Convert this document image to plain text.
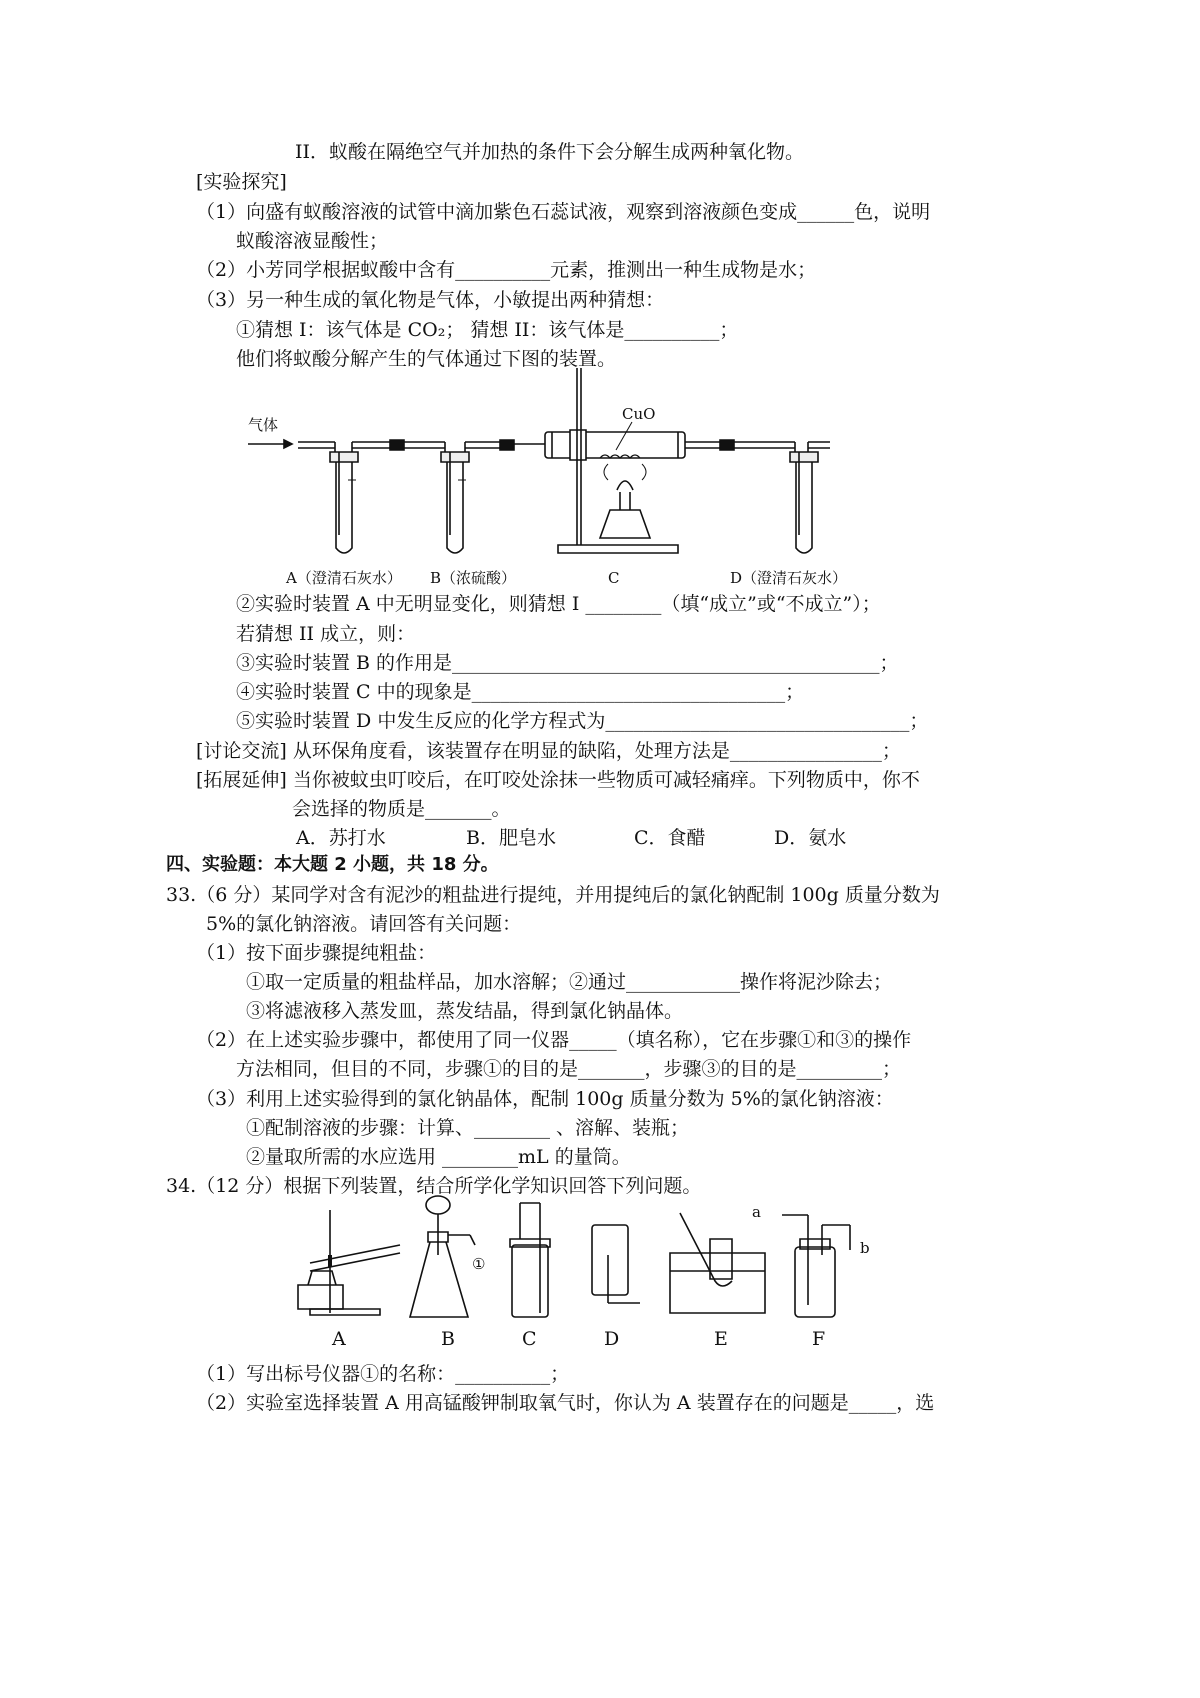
II．蚁酸在隔绝空气并加热的条件下会分解生成两种氧化物。
[实验探究]
（1）向盛有蚁酸溶液的试管中滴加紫色石蕊试液，观察到溶液颜色变成______色，说明
蚁酸溶液显酸性；
（2）小芳同学根据蚁酸中含有__________元素，推测出一种生成物是水；
（3）另一种生成的氧化物是气体，小敏提出两种猜想：
①猜想 I：该气体是 CO₂； 猜想 II：该气体是__________；
他们将蚁酸分解产生的气体通过下图的装置。
气体
CuO
A（澄清石灰水） B（浓硫酸）	C	D（澄清石灰水）
②实验时装置 A 中无明显变化，则猜想 I ________（填“成立”或“不成立”）；
若猜想 II 成立，则：
③实验时装置 B 的作用是_____________________________________________；
④实验时装置 C 中的现象是_________________________________；
⑤实验时装置 D 中发生反应的化学方程式为________________________________；
[讨论交流] 从环保角度看，该装置存在明显的缺陷，处理方法是________________；
[拓展延伸] 当你被蚊虫叮咬后，在叮咬处涂抹一些物质可减轻痛痒。下列物质中，你不
会选择的物质是_______。
A．苏打水	B．肥皂水	C．食醋	D．氨水
四、实验题：本大题 2 小题，共 18 分。
33.（6 分）某同学对含有泥沙的粗盐进行提纯，并用提纯后的氯化钠配制 100g 质量分数为
5%的氯化钠溶液。请回答有关问题：
（1）按下面步骤提纯粗盐：
①取一定质量的粗盐样品，加水溶解；②通过____________操作将泥沙除去；
③将滤液移入蒸发皿，蒸发结晶，得到氯化钠晶体。
（2）在上述实验步骤中，都使用了同一仪器_____（填名称），它在步骤①和③的操作
方法相同，但目的不同，步骤①的目的是_______，步骤③的目的是_________；
（3）利用上述实验得到的氯化钠晶体，配制 100g 质量分数为 5%的氯化钠溶液：
①配制溶液的步骤：计算、________ 、溶解、装瓶；
②量取所需的水应选用 ________mL 的量筒。
34.（12 分）根据下列装置，结合所学化学知识回答下列问题。
a
b
①
A	B	C	D	E	F
（1）写出标号仪器①的名称：__________；
（2）实验室选择装置 A 用高锰酸钾制取氧气时，你认为 A 装置存在的问题是_____，选
